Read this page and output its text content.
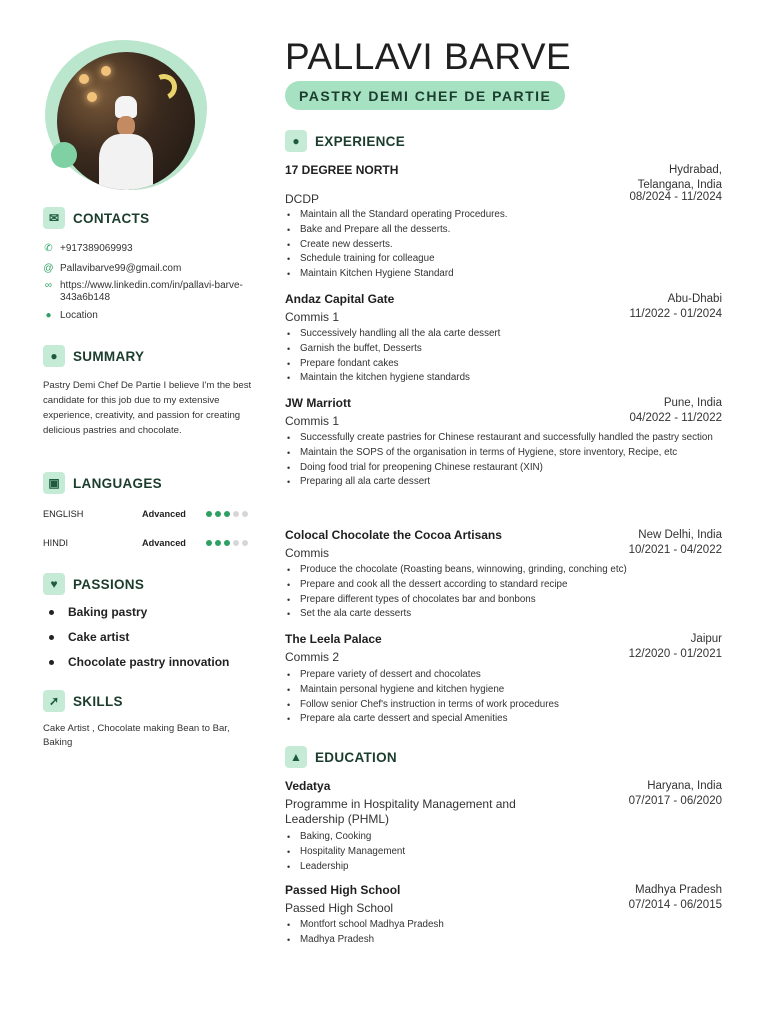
✉	CONTACTS
✆ +917389069993
@ Pallavibarve99@gmail.com
∞ https://www.linkedin.com/in/pallavi-barve-343a6b148
● Location
●	SUMMARY
Pastry Demi Chef De Partie I believe I'm the best candidate for this job due to my extensive experience, creativity, and passion for creating delicious pastries and chocolate.
▣ LANGUAGES
ENGLISH	Advanced
HINDI	Advanced
♥	PASSIONS
Baking pastry
Cake artist
Chocolate pastry innovation
➚	SKILLS
Cake Artist , Chocolate making Bean to Bar, Baking
PALLAVI BARVE
PASTRY DEMI CHEF DE PARTIE
●	EXPERIENCE
17 DEGREE NORTH	Hydrabad,
Telangana, India
DCDP	08/2024 - 11/2024
• Maintain all the Standard operating Procedures.
• Bake and Prepare all the desserts.
• Create new desserts.
• Schedule training for colleague
• Maintain Kitchen Hygiene Standard
Andaz Capital Gate	Abu-Dhabi
Commis 1	11/2022 - 01/2024
• Successively handling all the ala carte dessert
• Garnish the buffet, Desserts
• Prepare fondant cakes
• Maintain the kitchen hygiene standards
JW Marriott	Pune, India
Commis 1	04/2022 - 11/2022
• Successfully create pastries for Chinese restaurant and successfully handled the pastry section
• Maintain the SOPS of the organisation in terms of Hygiene, store inventory, Recipe, etc
• Doing food trial for preopening Chinese restaurant (XIN)
• Preparing all ala carte dessert
Colocal Chocolate the Cocoa Artisans	New Delhi, India
Commis	10/2021 - 04/2022
• Produce the chocolate (Roasting beans, winnowing, grinding, conching etc)
• Prepare and cook all the dessert according to standard recipe
• Prepare different types of chocolates bar and bonbons
• Set the ala carte desserts
The Leela Palace	Jaipur
Commis 2	12/2020 - 01/2021
• Prepare variety of dessert and chocolates
• Maintain personal hygiene and kitchen hygiene
• Follow senior Chef's instruction in terms of work procedures
• Prepare ala carte dessert and special Amenities
▲ EDUCATION
Vedatya	Haryana, India
Programme in Hospitality Management and Leadership (PHML)
07/2017 - 06/2020
• Baking, Cooking
• Hospitality Management
• Leadership
Passed High School	Madhya Pradesh
Passed High School	07/2014 - 06/2015
• Montfort school Madhya Pradesh
• Madhya Pradesh
